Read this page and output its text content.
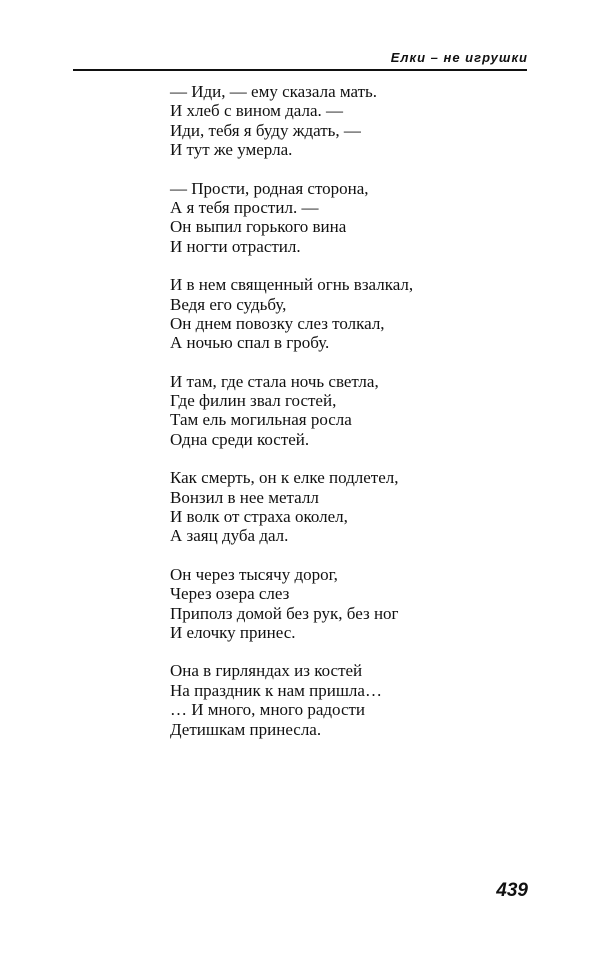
Елки – не игрушки
— Иди, — ему сказала мать.
И хлеб с вином дала. —
Иди, тебя я буду ждать, —
И тут же умерла.
— Прости, родная сторона,
А я тебя простил. —
Он выпил горького вина
И ногти отрастил.
И в нем священный огнь взалкал,
Ведя его судьбу,
Он днем повозку слез толкал,
А ночью спал в гробу.
И там, где стала ночь светла,
Где филин звал гостей,
Там ель могильная росла
Одна среди костей.
Как смерть, он к елке подлетел,
Вонзил в нее металл
И волк от страха околел,
А заяц дуба дал.
Он через тысячу дорог,
Через озера слез
Приполз домой без рук, без ног
И елочку принес.
Она в гирляндах из костей
На праздник к нам пришла…
… И много, много радости
Детишкам принесла.
439
